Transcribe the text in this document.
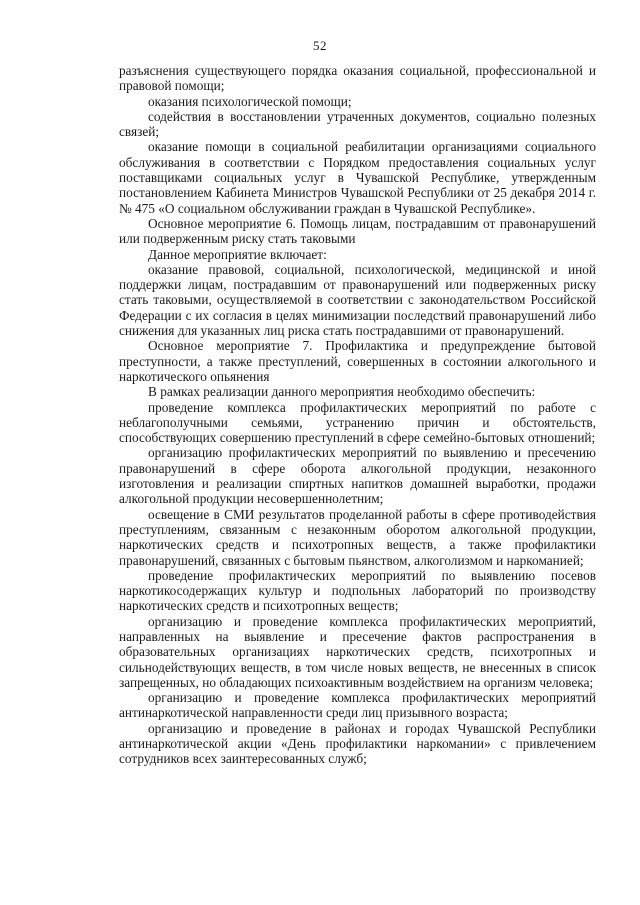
52

разъяснения существующего порядка оказания социальной, профессиональной и правовой помощи;

оказания психологической помощи;

содействия в восстановлении утраченных документов, социально полезных связей;

оказание помощи в социальной реабилитации организациями социального обслуживания в соответствии с Порядком предоставления социальных услуг поставщиками социальных услуг в Чувашской Республике, утвержденным постановлением Кабинета Министров Чувашской Республики от 25 декабря 2014 г. № 475 «О социальном обслуживании граждан в Чувашской Республике».

Основное мероприятие 6. Помощь лицам, пострадавшим от правонарушений или подверженным риску стать таковыми

Данное мероприятие включает:

оказание правовой, социальной, психологической, медицинской и иной поддержки лицам, пострадавшим от правонарушений или подверженных риску стать таковыми, осуществляемой в соответствии с законодательством Российской Федерации с их согласия в целях минимизации последствий правонарушений либо снижения для указанных лиц риска стать пострадавшими от правонарушений.

Основное мероприятие 7. Профилактика и предупреждение бытовой преступности, а также преступлений, совершенных в состоянии алкогольного и наркотического опьянения

В рамках реализации данного мероприятия необходимо обеспечить:

проведение комплекса профилактических мероприятий по работе с неблагополучными семьями, устранению причин и обстоятельств, способствующих совершению преступлений в сфере семейно-бытовых отношений;

организацию профилактических мероприятий по выявлению и пресечению правонарушений в сфере оборота алкогольной продукции, незаконного изготовления и реализации спиртных напитков домашней выработки, продажи алкогольной продукции несовершеннолетним;

освещение в СМИ результатов проделанной работы в сфере противодействия преступлениям, связанным с незаконным оборотом алкогольной продукции, наркотических средств и психотропных веществ, а также профилактики правонарушений, связанных с бытовым пьянством, алкоголизмом и наркоманией;

проведение профилактических мероприятий по выявлению посевов наркотикосодержащих культур и подпольных лабораторий по производству наркотических средств и психотропных веществ;

организацию и проведение комплекса профилактических мероприятий, направленных на выявление и пресечение фактов распространения в образовательных организациях наркотических средств, психотропных и сильнодействующих веществ, в том числе новых веществ, не внесенных в список запрещенных, но обладающих психоактивным воздействием на организм человека;

организацию и проведение комплекса профилактических мероприятий антинаркотической направленности среди лиц призывного возраста;

организацию и проведение в районах и городах Чувашской Республики антинаркотической акции «День профилактики наркомании» с привлечением сотрудников всех заинтересованных служб;
